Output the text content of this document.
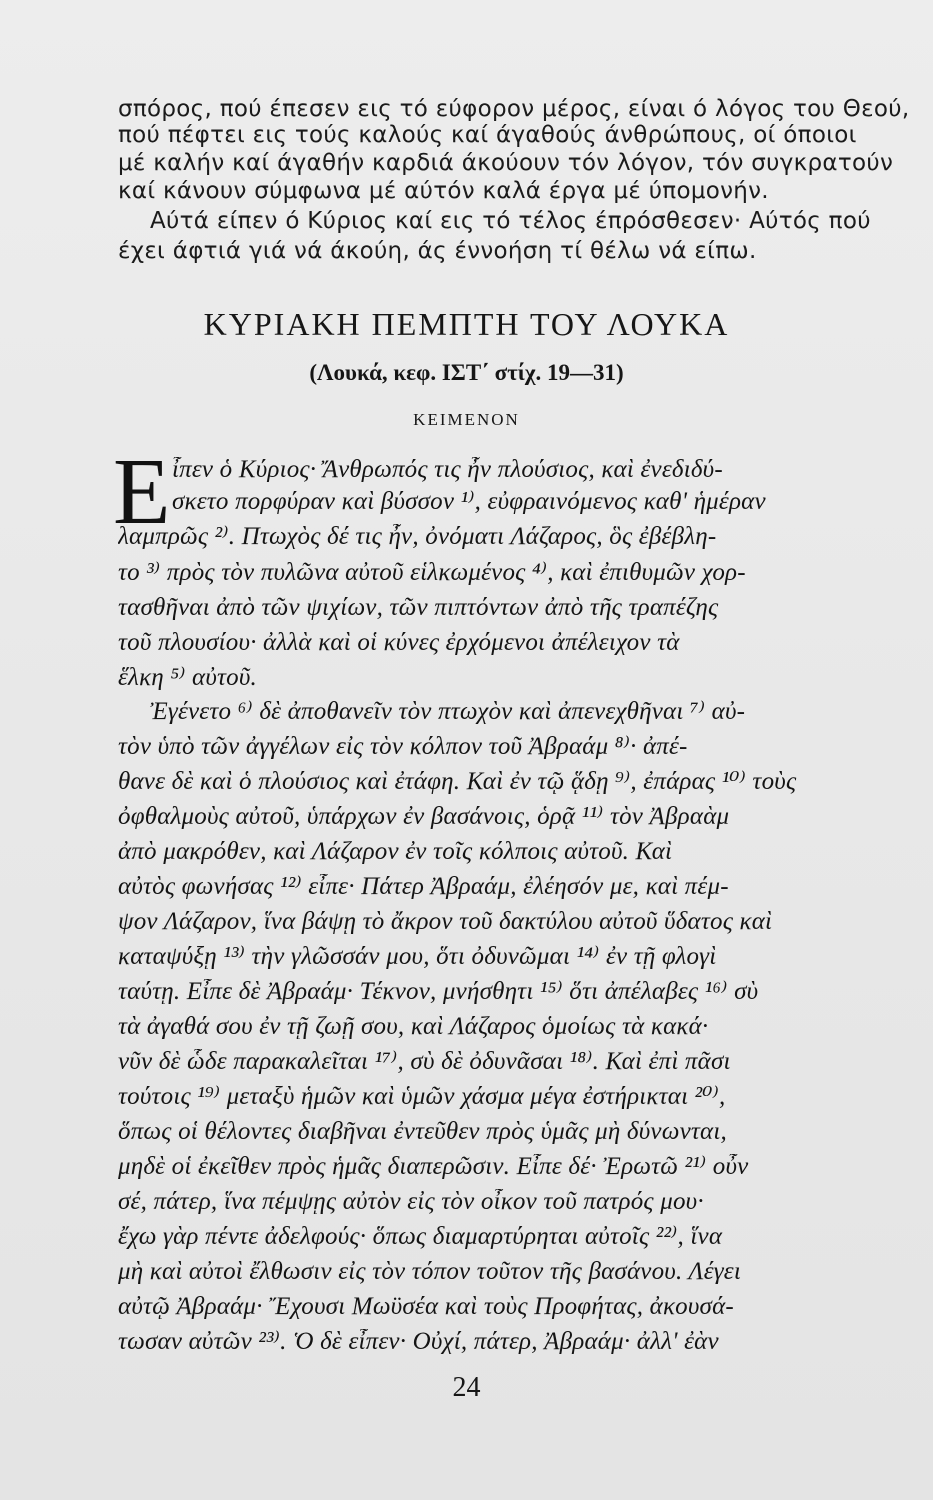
σπόρος, πού έπεσεν εις τό εύφορον μέρος, είναι ό λόγος του Θεού,
πού πέφτει εις τούς καλούς καί άγαθούς άνθρώπους, οί όποιοι
μέ καλήν καί άγαθήν καρδιά άκούουν τόν λόγον, τόν συγκρατούν
καί κάνουν σύμφωνα μέ αύτόν καλά έργα μέ ύπομονήν.
Αύτά είπεν ό Κύριος καί εις τό τέλος έπρόσθεσεν· Αύτός πού
έχει άφτιά γιά νά άκούη, άς έννοήση τί θέλω νά είπω.
ΚΥΡΙΑΚΗ ΠΕΜΠΤΗ ΤΟΥ ΛΟΥΚΑ
(Λουκά, κεφ. ΙΣΤ΄ στίχ. 19—31)
ΚΕΙΜΕΝΟΝ
Ε ἶπεν ὁ Κύριος· Ἄνθρωπός τις ἦν πλούσιος, καὶ ἐνεδιδύ-
σκετο πορφύραν καὶ βύσσον ¹⁾, εὐφραινόμενος καθ' ἡμέραν
λαμπρῶς ²⁾. Πτωχὸς δέ τις ἦν, ὀνόματι Λάζαρος, ὃς ἐβέβλη-
το ³⁾ πρὸς τὸν πυλῶνα αὐτοῦ εἱλκωμένος ⁴⁾, καὶ ἐπιθυμῶν χορ-
τασθῆναι ἀπὸ τῶν ψιχίων, τῶν πιπτόντων ἀπὸ τῆς τραπέζης
τοῦ πλουσίου· ἀλλὰ καὶ οἱ κύνες ἐρχόμενοι ἀπέλειχον τὰ
ἕλκη ⁵⁾ αὐτοῦ.
Ἐγένετο ⁶⁾ δὲ ἀποθανεῖν τὸν πτωχὸν καὶ ἀπενεχθῆναι ⁷⁾ αὐ-
τὸν ὑπὸ τῶν ἀγγέλων εἰς τὸν κόλπον τοῦ Ἀβραάμ ⁸⁾· ἀπέ-
θανε δὲ καὶ ὁ πλούσιος καὶ ἐτάφη. Καὶ ἐν τῷ ᾅδῃ ⁹⁾, ἐπάρας ¹⁰⁾ τοὺς
ὀφθαλμοὺς αὐτοῦ, ὑπάρχων ἐν βασάνοις, ὁρᾷ ¹¹⁾ τὸν Ἀβραὰμ
ἀπὸ μακρόθεν, καὶ Λάζαρον ἐν τοῖς κόλποις αὐτοῦ. Καὶ
αὐτὸς φωνήσας ¹²⁾ εἶπε· Πάτερ Ἀβραάμ, ἐλέησόν με, καὶ πέμ-
ψον Λάζαρον, ἵνα βάψῃ τὸ ἄκρον τοῦ δακτύλου αὐτοῦ ὕδατος καὶ
καταψύξῃ ¹³⁾ τὴν γλῶσσάν μου, ὅτι ὀδυνῶμαι ¹⁴⁾ ἐν τῇ φλογὶ
ταύτῃ. Εἶπε δὲ Ἀβραάμ· Τέκνον, μνήσθητι ¹⁵⁾ ὅτι ἀπέλαβες ¹⁶⁾ σὺ
τὰ ἀγαθά σου ἐν τῇ ζωῇ σου, καὶ Λάζαρος ὁμοίως τὰ κακά·
νῦν δὲ ὧδε παρακαλεῖται ¹⁷⁾, σὺ δὲ ὀδυνᾶσαι ¹⁸⁾. Καὶ ἐπὶ πᾶσι
τούτοις ¹⁹⁾ μεταξὺ ἡμῶν καὶ ὑμῶν χάσμα μέγα ἐστήρικται ²⁰⁾,
ὅπως οἱ θέλοντες διαβῆναι ἐντεῦθεν πρὸς ὑμᾶς μὴ δύνωνται,
μηδὲ οἱ ἐκεῖθεν πρὸς ἡμᾶς διαπερῶσιν. Εἶπε δέ· Ἐρωτῶ ²¹⁾ οὖν
σέ, πάτερ, ἵνα πέμψῃς αὐτὸν εἰς τὸν οἶκον τοῦ πατρός μου·
ἔχω γὰρ πέντε ἀδελφούς· ὅπως διαμαρτύρηται αὐτοῖς ²²⁾, ἵνα
μὴ καὶ αὐτοὶ ἔλθωσιν εἰς τὸν τόπον τοῦτον τῆς βασάνου. Λέγει
αὐτῷ Ἀβραάμ· Ἔχουσι Μωϋσέα καὶ τοὺς Προφήτας, ἀκουσά-
τωσαν αὐτῶν ²³⁾. Ὁ δὲ εἶπεν· Οὐχί, πάτερ, Ἀβραάμ· ἀλλ' ἐὰν
24
